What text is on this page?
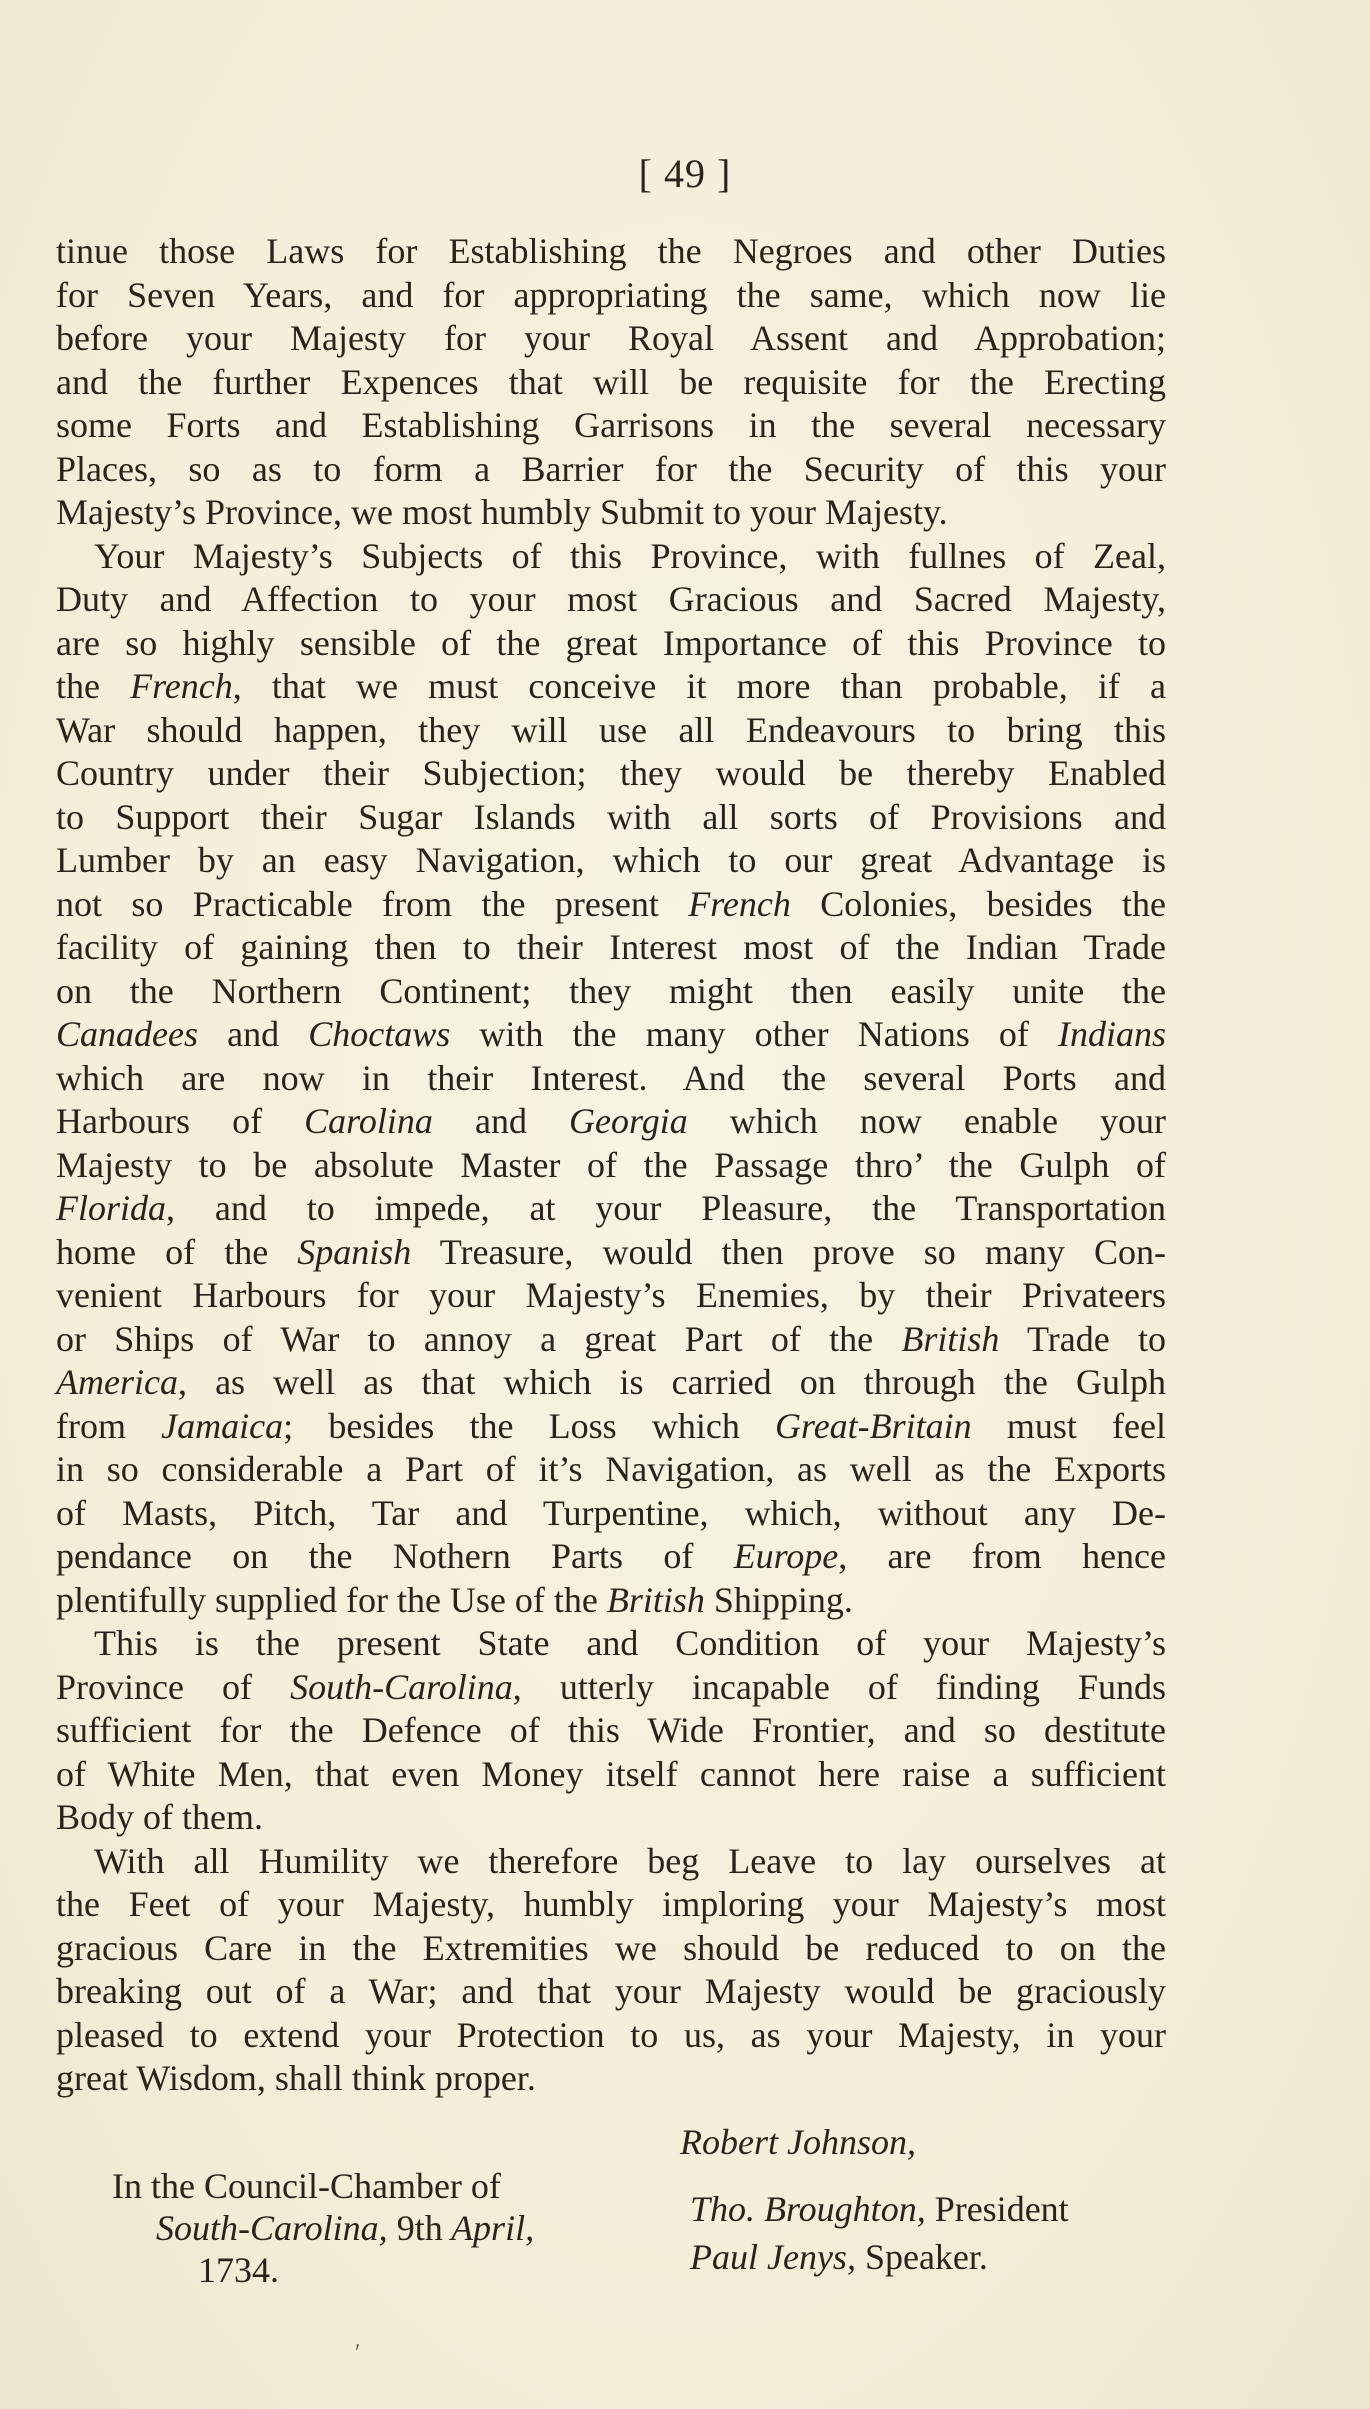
[ 49 ]
tinue those Laws for Establishing the Negroes and other Duties
for Seven Years, and for appropriating the same, which now lie
before your Majesty for your Royal Assent and Approbation;
and the further Expences that will be requisite for the Erecting
some Forts and Establishing Garrisons in the several necessary
Places, so as to form a Barrier for the Security of this your
Majesty’s Province, we most humbly Submit to your Majesty.
Your Majesty’s Subjects of this Province, with fullnes of Zeal,
Duty and Affection to your most Gracious and Sacred Majesty,
are so highly sensible of the great Importance of this Province to
the French, that we must conceive it more than probable, if a
War should happen, they will use all Endeavours to bring this
Country under their Subjection; they would be thereby Enabled
to Support their Sugar Islands with all sorts of Provisions and
Lumber by an easy Navigation, which to our great Advantage is
not so Practicable from the present French Colonies, besides the
facility of gaining then to their Interest most of the Indian Trade
on the Northern Continent; they might then easily unite the
Canadees and Choctaws with the many other Nations of Indians
which are now in their Interest. And the several Ports and
Harbours of Carolina and Georgia which now enable your
Majesty to be absolute Master of the Passage thro’ the Gulph of
Florida, and to impede, at your Pleasure, the Transportation
home of the Spanish Treasure, would then prove so many Con-
venient Harbours for your Majesty’s Enemies, by their Privateers
or Ships of War to annoy a great Part of the British Trade to
America, as well as that which is carried on through the Gulph
from Jamaica; besides the Loss which Great-Britain must feel
in so considerable a Part of it’s Navigation, as well as the Exports
of Masts, Pitch, Tar and Turpentine, which, without any De-
pendance on the Nothern Parts of Europe, are from hence
plentifully supplied for the Use of the British Shipping.
This is the present State and Condition of your Majesty’s
Province of South-Carolina, utterly incapable of finding Funds
sufficient for the Defence of this Wide Frontier, and so destitute
of White Men, that even Money itself cannot here raise a sufficient
Body of them.
With all Humility we therefore beg Leave to lay ourselves at
the Feet of your Majesty, humbly imploring your Majesty’s most
gracious Care in the Extremities we should be reduced to on the
breaking out of a War; and that your Majesty would be graciously
pleased to extend your Protection to us, as your Majesty, in your
great Wisdom, shall think proper.
Robert Johnson,
In the Council-Chamber of
South-Carolina, 9th April,
1734.
Tho. Broughton, President
Paul Jenys, Speaker.
ʹ
